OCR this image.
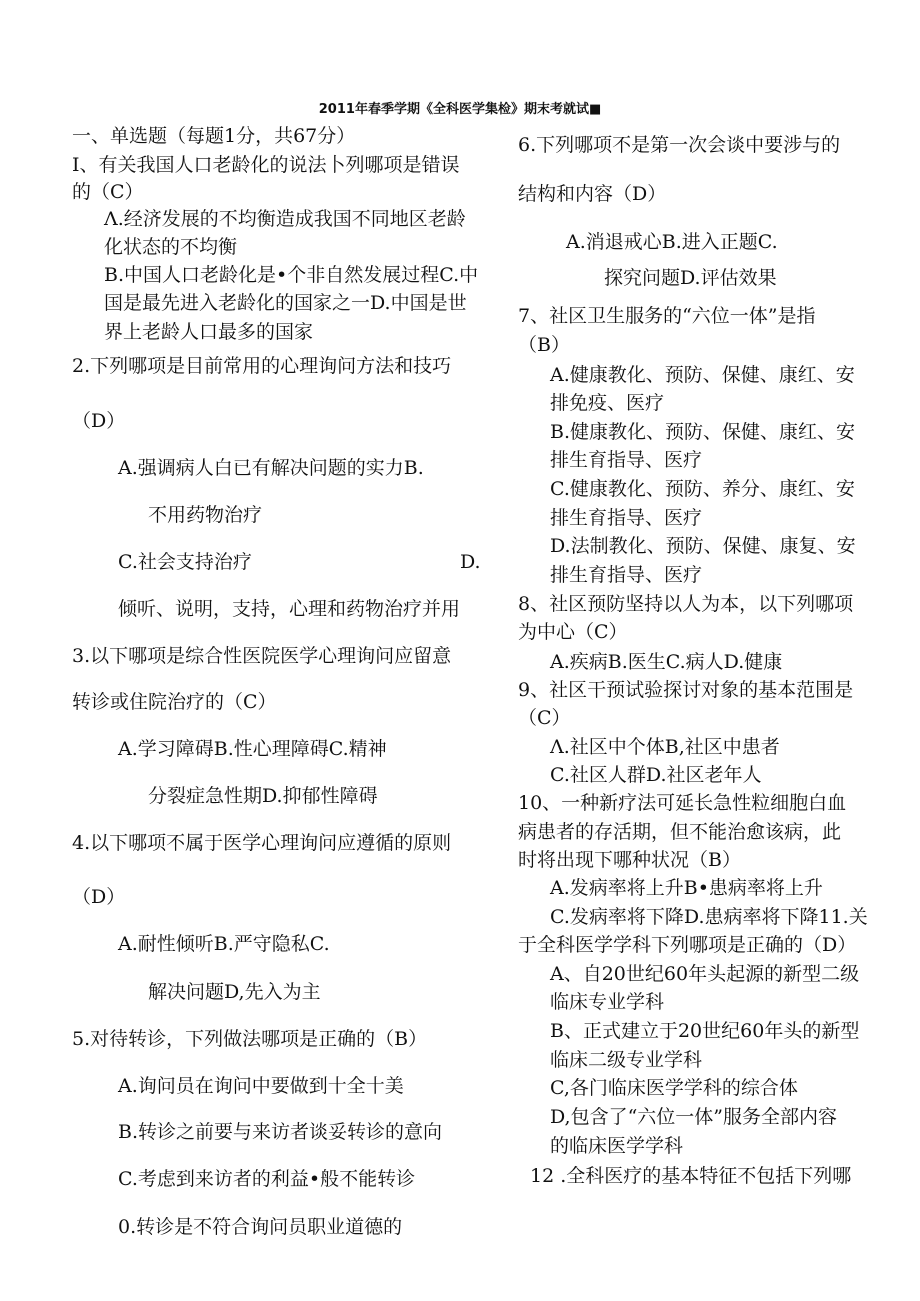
2011年春季学期《全科医学集检》期末考就试■
一、单选题（每题1分，共67分）
I、有关我国人口老龄化的说法卜列哪项是错误
的（C）
Λ.经济发展的不均衡造成我国不同地区老龄
化状态的不均衡
B.中国人口老龄化是•个非自然发展过程C.中
国是最先进入老龄化的国家之一D.中国是世
界上老龄人口最多的国家
2.下列哪项是目前常用的心理询问方法和技巧
（D）
A.强调病人白已有解决问题的实力B.
不用药物治疗
C.社会支持治疗	D.
倾听、说明，支持，心理和药物治疗并用
3.以下哪项是综合性医院医学心理询问应留意
转诊或住院治疗的（C）
A.学习障碍B.性心理障碍C.精神
分裂症急性期D.抑郁性障碍
4.以下哪项不属于医学心理询问应遵循的原则
（D）
A.耐性倾听B.严守隐私C.
解决问题D,先入为主
5.对待转诊，下列做法哪项是正确的（B）
A.询问员在询问中要做到十全十美
B.转诊之前要与来访者谈妥转诊的意向
C.考虑到来访者的利益•般不能转诊
0.转诊是不符合询问员职业道德的
6.下列哪项不是第一次会谈中要涉与的
结构和内容（D）
A.消退戒心B.进入正题C.
探究问题D.评估效果
7、社区卫生服务的“六位一体”是指
（B）
A.健康教化、预防、保健、康红、安
排免疫、医疗
B.健康教化、预防、保健、康红、安
排生育指导、医疗
C.健康教化、预防、养分、康红、安
排生育指导、医疗
D.法制教化、预防、保健、康复、安
排生育指导、医疗
8、社区预防坚持以人为本，以下列哪项
为中心（C）
A.疾病B.医生C.病人D.健康
9、社区干预试验探讨对象的基本范围是
（C）
Λ.社区中个体B,社区中患者
C.社区人群D.社区老年人
10、一种新疗法可延长急性粒细胞白血
病患者的存活期，但不能治愈该病，此
时将出现下哪种状况（B）
A.发病率将上升B•患病率将上升
C.发病率将下降D.患病率将下降11.关
于全科医学学科下列哪项是正确的（D）
A、自20世纪60年头起源的新型二级
临床专业学科
B、正式建立于20世纪60年头的新型
临床二级专业学科
C,各门临床医学学科的综合体
D,包含了“六位一体”服务全部内容
的临床医学学科
12 .全科医疗的基本特征不包括下列哪
